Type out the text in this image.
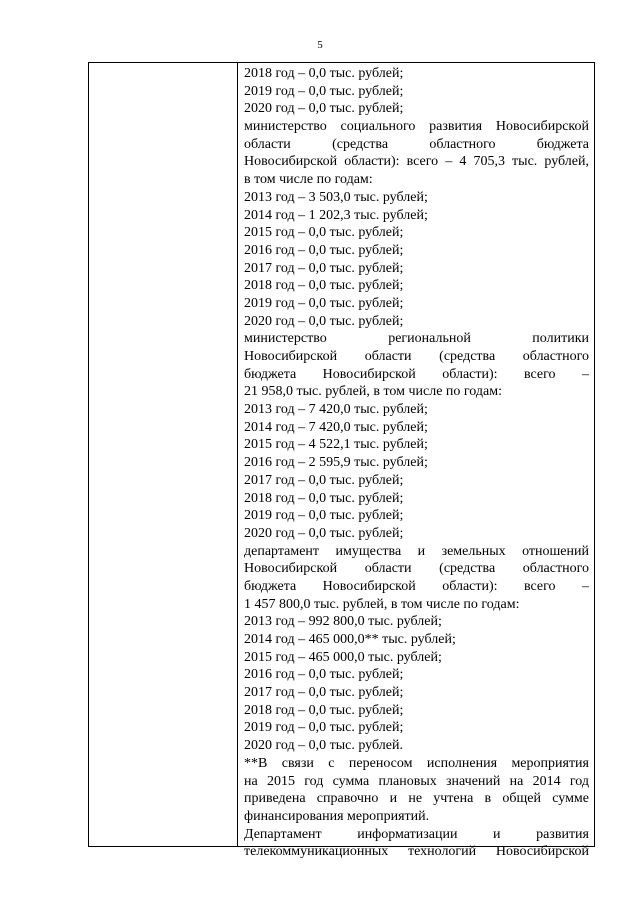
5
2018 год – 0,0 тыс. рублей;
2019 год – 0,0 тыс. рублей;
2020 год – 0,0 тыс. рублей;
министерство социального развития Новосибирской
области (средства областного бюджета
Новосибирской области): всего – 4 705,3 тыс. рублей,
в том числе по годам:
2013 год – 3 503,0 тыс. рублей;
2014 год – 1 202,3 тыс. рублей;
2015 год – 0,0 тыс. рублей;
2016 год – 0,0 тыс. рублей;
2017 год – 0,0 тыс. рублей;
2018 год – 0,0 тыс. рублей;
2019 год – 0,0 тыс. рублей;
2020 год – 0,0 тыс. рублей;
министерство региональной политики
Новосибирской области (средства областного
бюджета Новосибирской области): всего –
21 958,0 тыс. рублей, в том числе по годам:
2013 год – 7 420,0 тыс. рублей;
2014 год – 7 420,0 тыс. рублей;
2015 год – 4 522,1 тыс. рублей;
2016 год – 2 595,9 тыс. рублей;
2017 год – 0,0 тыс. рублей;
2018 год – 0,0 тыс. рублей;
2019 год – 0,0 тыс. рублей;
2020 год – 0,0 тыс. рублей;
департамент имущества и земельных отношений
Новосибирской области (средства областного
бюджета Новосибирской области): всего –
1 457 800,0 тыс. рублей, в том числе по годам:
2013 год – 992 800,0 тыс. рублей;
2014 год – 465 000,0** тыс. рублей;
2015 год – 465 000,0 тыс. рублей;
2016 год – 0,0 тыс. рублей;
2017 год – 0,0 тыс. рублей;
2018 год – 0,0 тыс. рублей;
2019 год – 0,0 тыс. рублей;
2020 год – 0,0 тыс. рублей.
**В связи с переносом исполнения мероприятия
на 2015 год сумма плановых значений на 2014 год
приведена справочно и не учтена в общей сумме
финансирования мероприятий.
Департамент информатизации и развития
телекоммуникационных технологий Новосибирской
